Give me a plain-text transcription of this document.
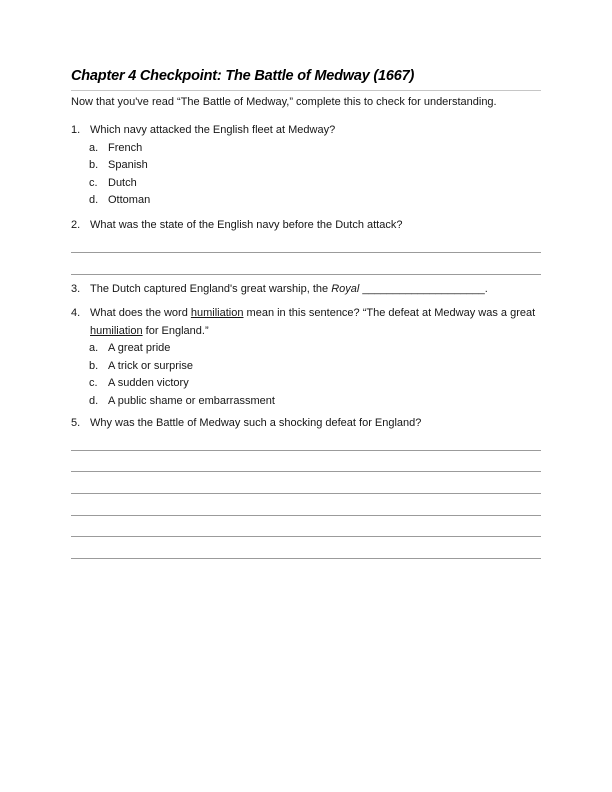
Chapter 4 Checkpoint: The Battle of Medway (1667)
Now that you've read “The Battle of Medway,” complete this to check for understanding.
1. Which navy attacked the English fleet at Medway?
a. French
b. Spanish
c. Dutch
d. Ottoman
2. What was the state of the English navy before the Dutch attack?
3. The Dutch captured England's great warship, the Royal ____________________.
4. What does the word humiliation mean in this sentence? “The defeat at Medway was a great humiliation for England.”
a. A great pride
b. A trick or surprise
c. A sudden victory
d. A public shame or embarrassment
5. Why was the Battle of Medway such a shocking defeat for England?
